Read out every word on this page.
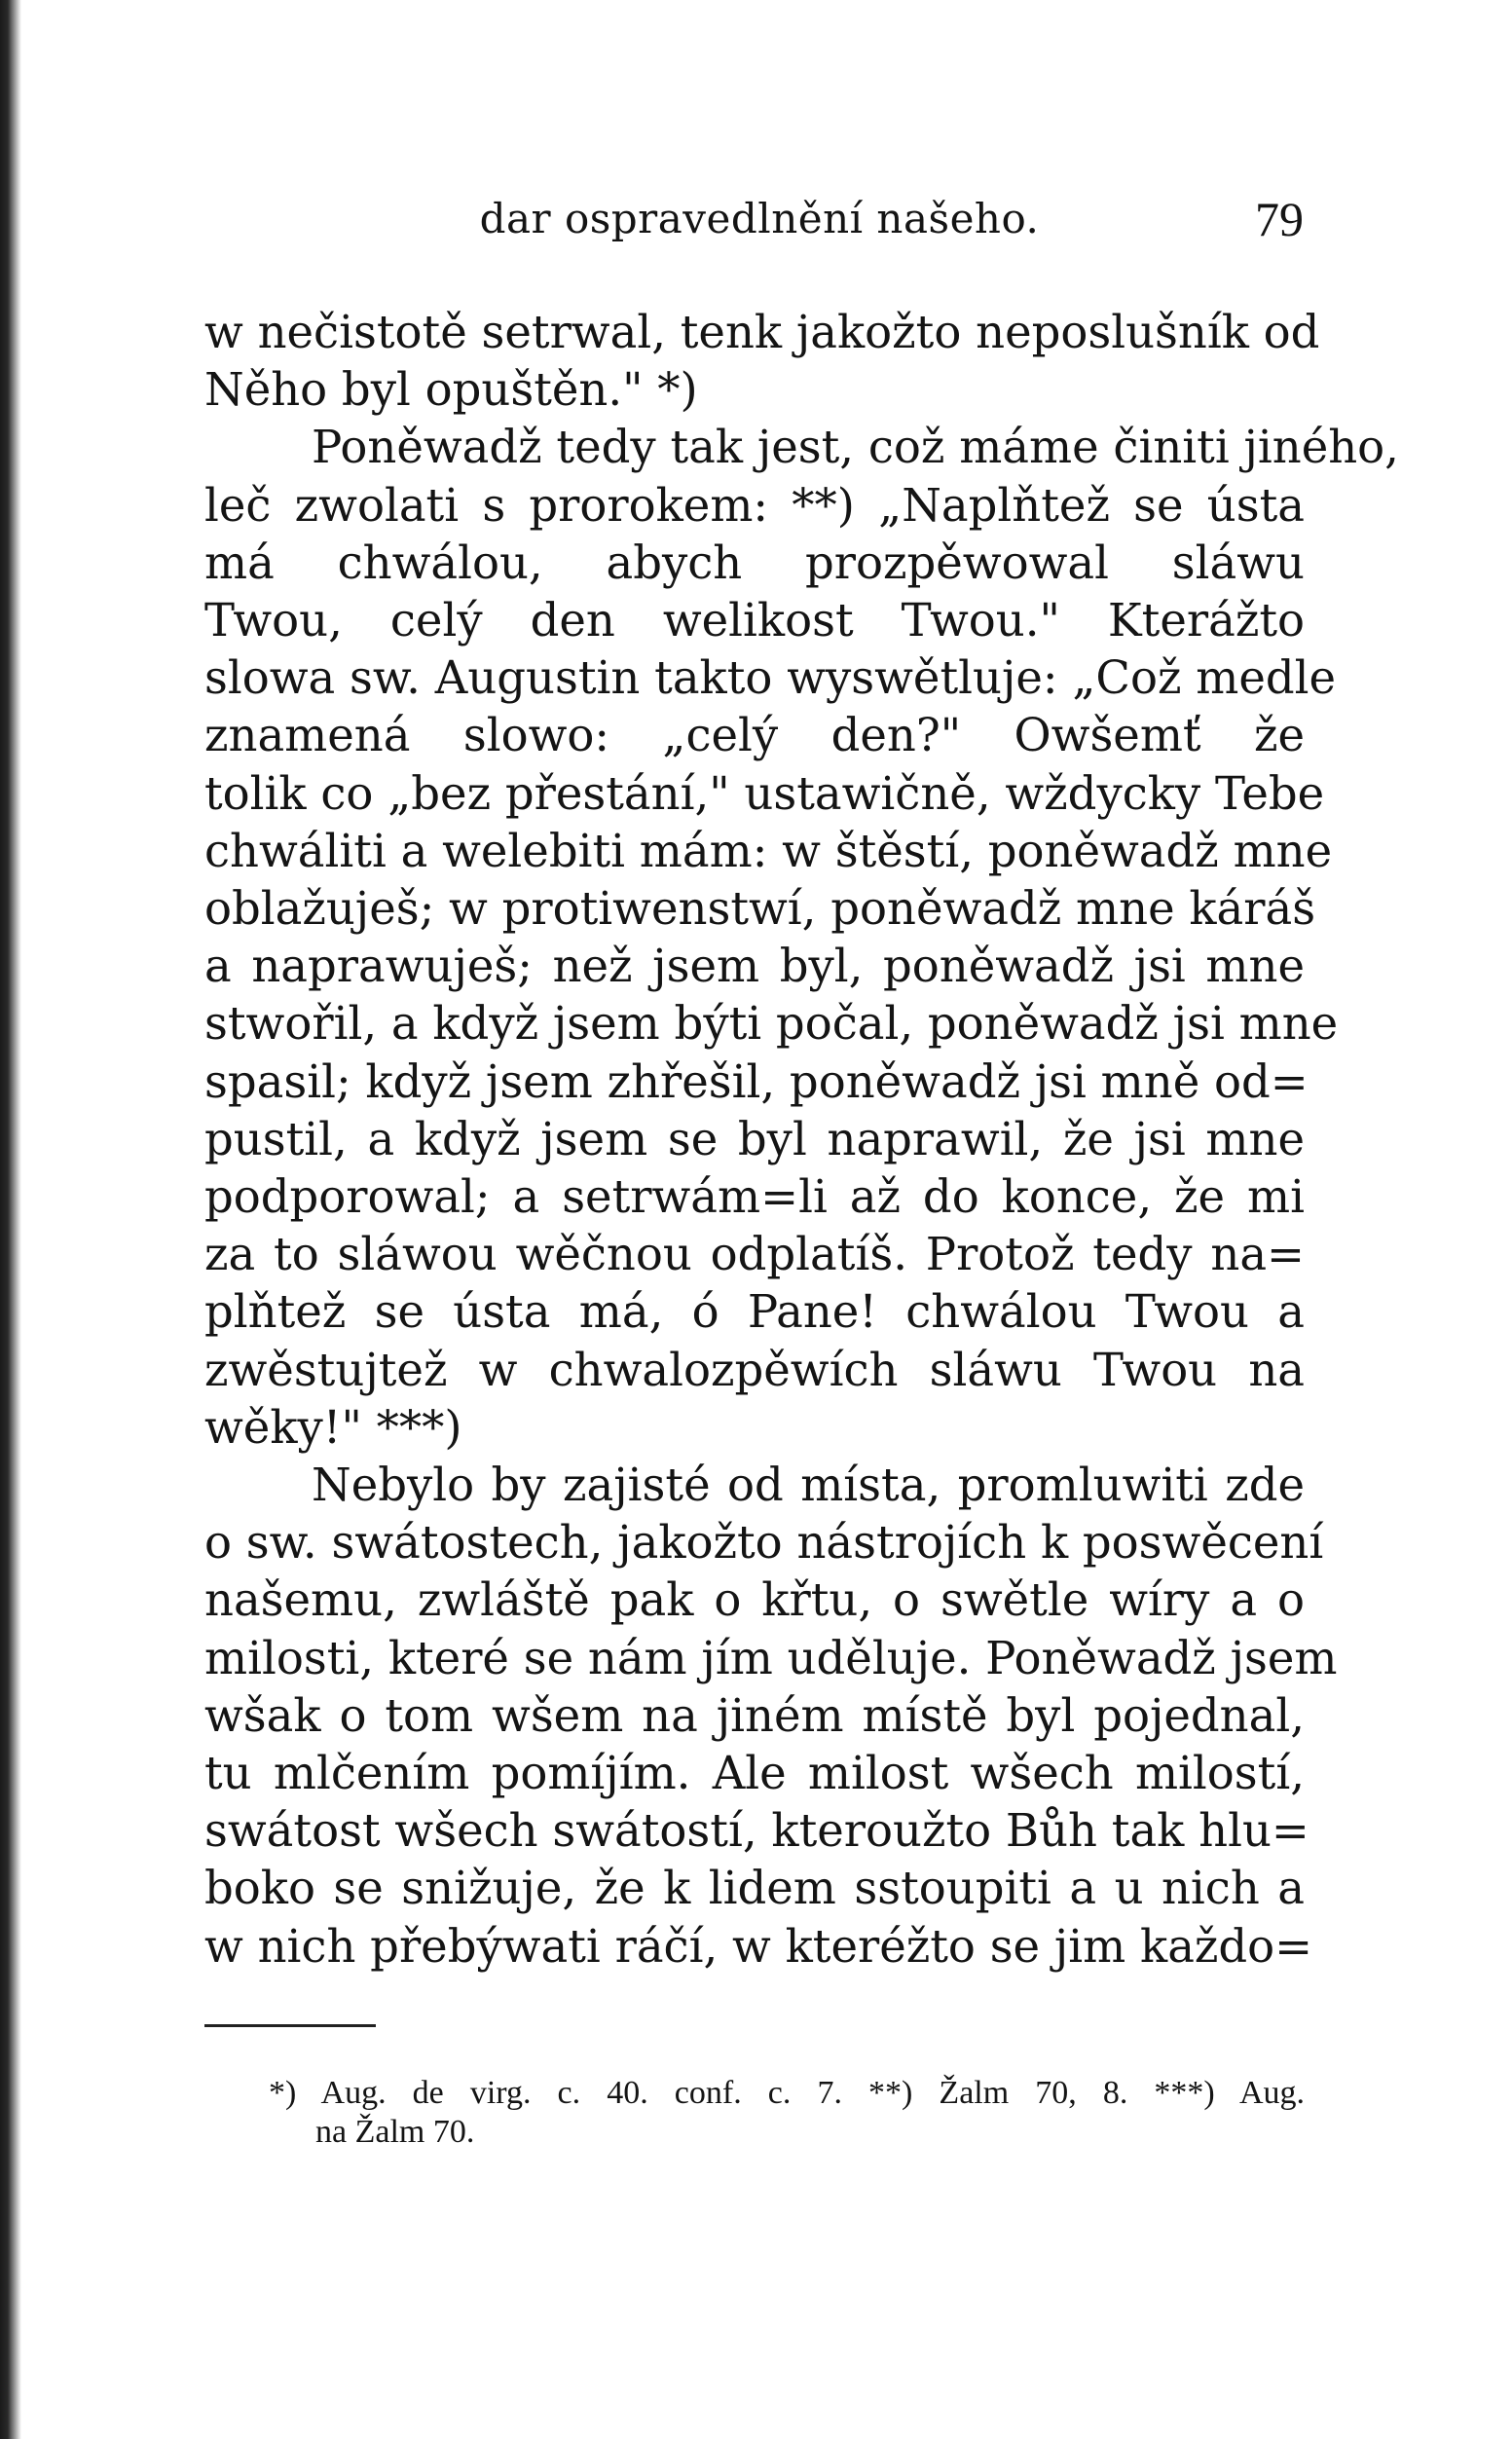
dar ospravedlnění našeho.	79
w nečistotě setrwal, tenk jakožto neposlušník od
Něho byl opuštěn." *)
Poněwadž tedy tak jest, což máme činiti jiného,
leč zwolati s prorokem: **) „Naplňtež se ústa
má chwálou, abych prozpěwowal sláwu
Twou, celý den welikost Twou." Kterážto
slowa sw. Augustin takto wyswětluje: „Což medle
znamená slowo: „celý den?" Owšemť že
tolik co „bez přestání," ustawičně, wždycky Tebe
chwáliti a welebiti mám: w štěstí, poněwadž mne
oblažuješ; w protiwenstwí, poněwadž mne káráš
a naprawuješ; než jsem byl, poněwadž jsi mne
stwořil, a když jsem býti počal, poněwadž jsi mne
spasil; když jsem zhřešil, poněwadž jsi mně od=
pustil, a když jsem se byl naprawil, že jsi mne
podporowal; a setrwám=li až do konce, že mi
za to sláwou wěčnou odplatíš. Protož tedy na=
plňtež se ústa má, ó Pane! chwálou Twou a
zwěstujtež w chwalozpěwích sláwu Twou na
wěky!" ***)
Nebylo by zajisté od místa, promluwiti zde
o sw. swátostech, jakožto nástrojích k poswěcení
našemu, zwláště pak o křtu, o swětle wíry a o
milosti, které se nám jím uděluje. Poněwadž jsem
wšak o tom wšem na jiném místě byl pojednal,
tu mlčením pomíjím. Ale milost wšech milostí,
swátost wšech swátostí, kteroužto Bůh tak hlu=
boko se snižuje, že k lidem sstoupiti a u nich a
w nich přebýwati ráčí, w kteréžto se jim každo=
*) Aug. de virg. c. 40. conf. c. 7. **) Žalm 70, 8. ***) Aug.
na Žalm 70.
